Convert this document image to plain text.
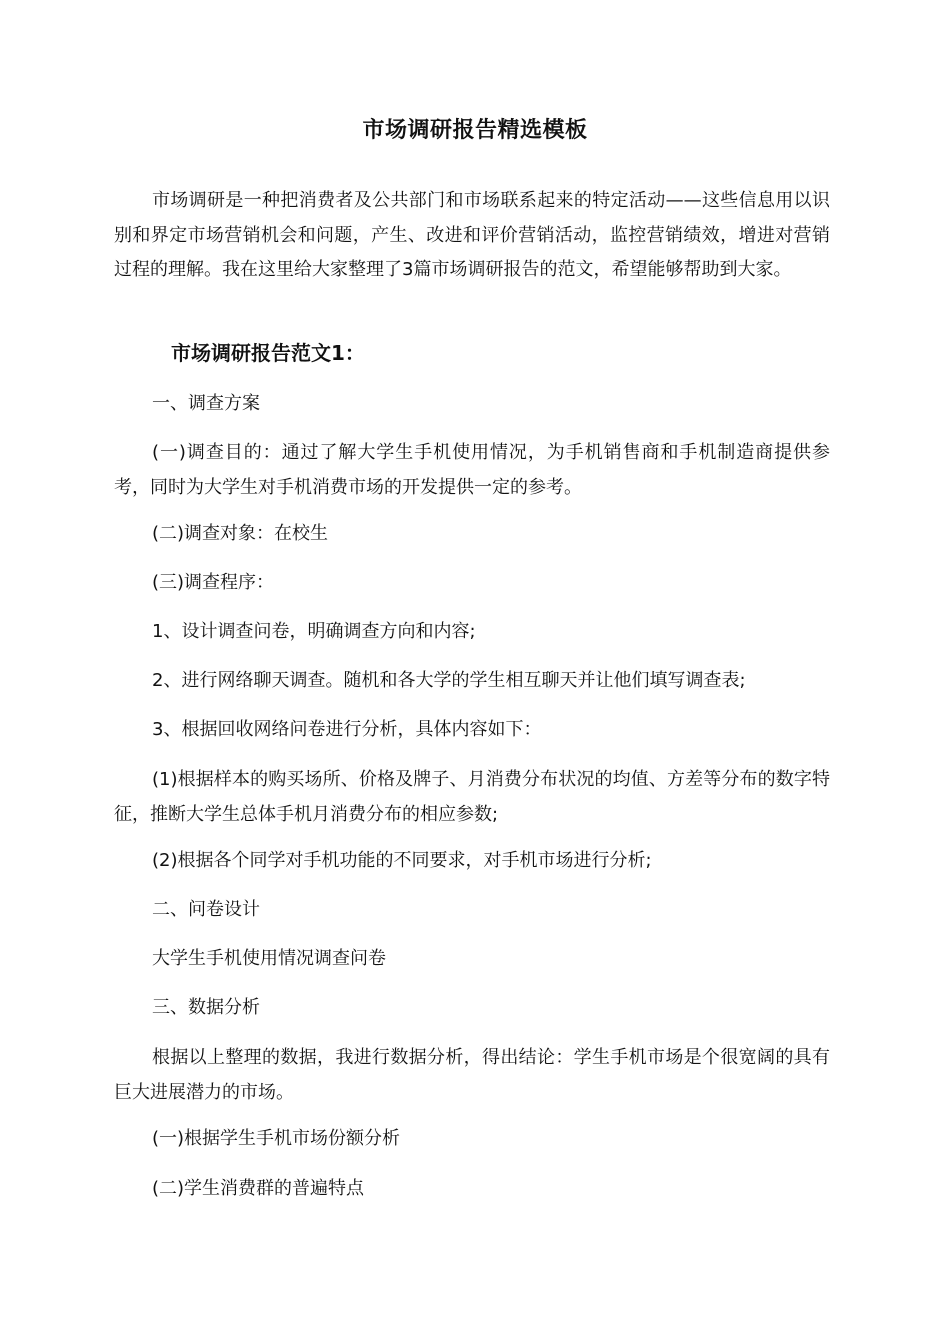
市场调研报告精选模板
市场调研是一种把消费者及公共部门和市场联系起来的特定活动——这些信息用以识别和界定市场营销机会和问题，产生、改进和评价营销活动，监控营销绩效，增进对营销过程的理解。我在这里给大家整理了3篇市场调研报告的范文，希望能够帮助到大家。
市场调研报告范文1：
一、调查方案
(一)调查目的：通过了解大学生手机使用情况，为手机销售商和手机制造商提供参考，同时为大学生对手机消费市场的开发提供一定的参考。
(二)调查对象：在校生
(三)调查程序：
1、设计调查问卷，明确调查方向和内容;
2、进行网络聊天调查。随机和各大学的学生相互聊天并让他们填写调查表;
3、根据回收网络问卷进行分析，具体内容如下：
(1)根据样本的购买场所、价格及牌子、月消费分布状况的均值、方差等分布的数字特征，推断大学生总体手机月消费分布的相应参数;
(2)根据各个同学对手机功能的不同要求，对手机市场进行分析;
二、问卷设计
大学生手机使用情况调查问卷
三、数据分析
根据以上整理的数据，我进行数据分析，得出结论：学生手机市场是个很宽阔的具有巨大进展潜力的市场。
(一)根据学生手机市场份额分析
(二)学生消费群的普遍特点
